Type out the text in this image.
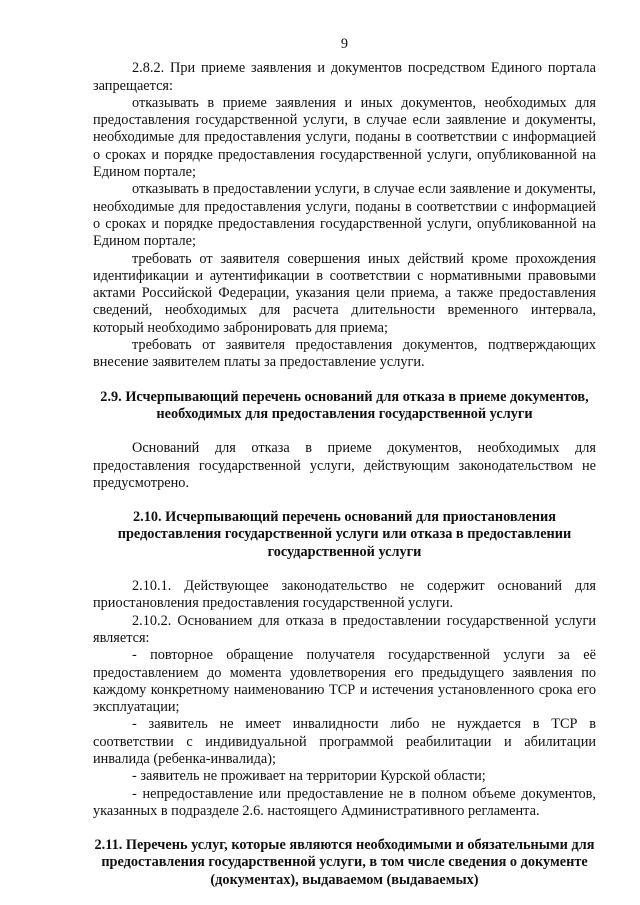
9

2.8.2. При приеме заявления и документов посредством Единого портала запрещается:

отказывать в приеме заявления и иных документов, необходимых для предоставления государственной услуги, в случае если заявление и документы, необходимые для предоставления услуги, поданы в соответствии с информацией о сроках и порядке предоставления государственной услуги, опубликованной на Едином портале;

отказывать в предоставлении услуги, в случае если заявление и документы, необходимые для предоставления услуги, поданы в соответствии с информацией о сроках и порядке предоставления государственной услуги, опубликованной на Едином портале;

требовать от заявителя совершения иных действий кроме прохождения идентификации и аутентификации в соответствии с нормативными правовыми актами Российской Федерации, указания цели приема, а также предоставления сведений, необходимых для расчета длительности временного интервала, который необходимо забронировать для приема;

требовать от заявителя предоставления документов, подтверждающих внесение заявителем платы за предоставление услуги.

2.9. Исчерпывающий перечень оснований для отказа в приеме документов, необходимых для предоставления государственной услуги

Оснований для отказа в приеме документов, необходимых для предоставления государственной услуги, действующим законодательством не предусмотрено.

2.10. Исчерпывающий перечень оснований для приостановления предоставления государственной услуги или отказа в предоставлении государственной услуги

2.10.1. Действующее законодательство не содержит оснований для приостановления предоставления государственной услуги.

2.10.2. Основанием для отказа в предоставлении государственной услуги является:

- повторное обращение получателя государственной услуги за её предоставлением до момента удовлетворения его предыдущего заявления по каждому конкретному наименованию ТСР и истечения установленного срока его эксплуатации;

- заявитель не имеет инвалидности либо не нуждается в ТСР в соответствии с индивидуальной программой реабилитации и абилитации инвалида (ребенка-инвалида);

- заявитель не проживает на территории Курской области;

- непредоставление или предоставление не в полном объеме документов, указанных в подразделе 2.6. настоящего Административного регламента.

2.11. Перечень услуг, которые являются необходимыми и обязательными для предоставления государственной услуги, в том числе сведения о документе (документах), выдаваемом (выдаваемых)
